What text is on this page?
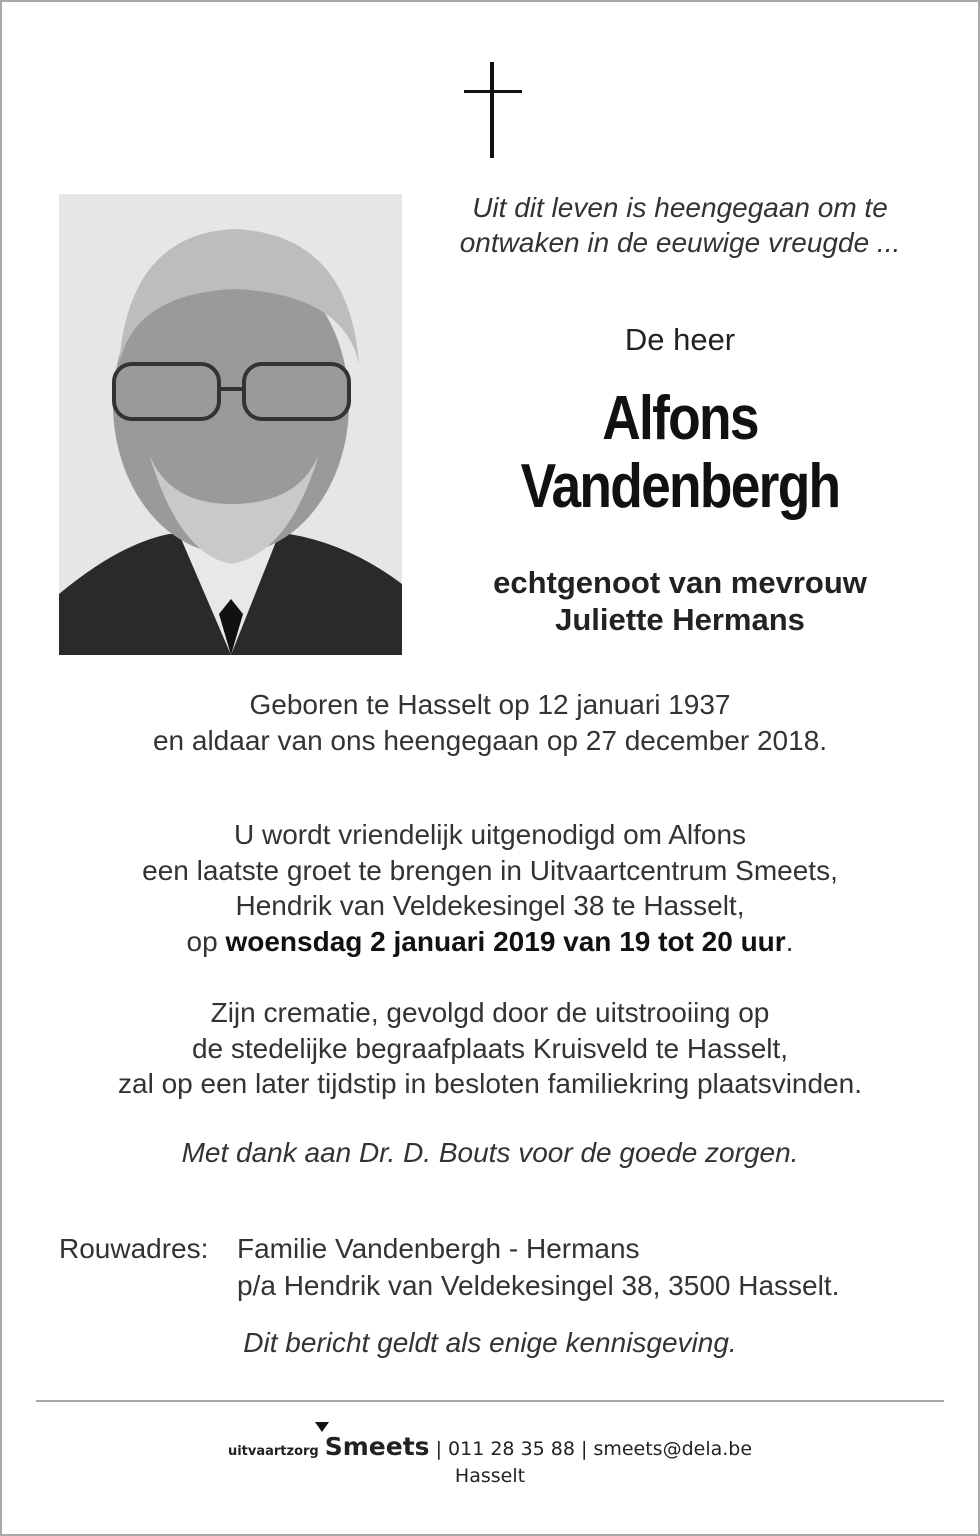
Uit dit leven is heengegaan om te
ontwaken in de eeuwige vreugde ...
De heer
Alfons
Vandenbergh
echtgenoot van mevrouw
Juliette Hermans
Geboren te Hasselt op 12 januari 1937
en aldaar van ons heengegaan op 27 december 2018.
U wordt vriendelijk uitgenodigd om Alfons
een laatste groet te brengen in Uitvaartcentrum Smeets,
Hendrik van Veldekesingel 38 te Hasselt,
op woensdag 2 januari 2019 van 19 tot 20 uur.
Zijn crematie, gevolgd door de uitstrooiing op
de stedelijke begraafplaats Kruisveld te Hasselt,
zal op een later tijdstip in besloten familiekring plaatsvinden.
Met dank aan Dr. D. Bouts voor de goede zorgen.
Rouwadres: Familie Vandenbergh - Hermans
p/a Hendrik van Veldekesingel 38, 3500 Hasselt.
Dit bericht geldt als enige kennisgeving.
uitvaartzorg Smeets | 011 28 35 88 | smeets@dela.be
Hasselt
